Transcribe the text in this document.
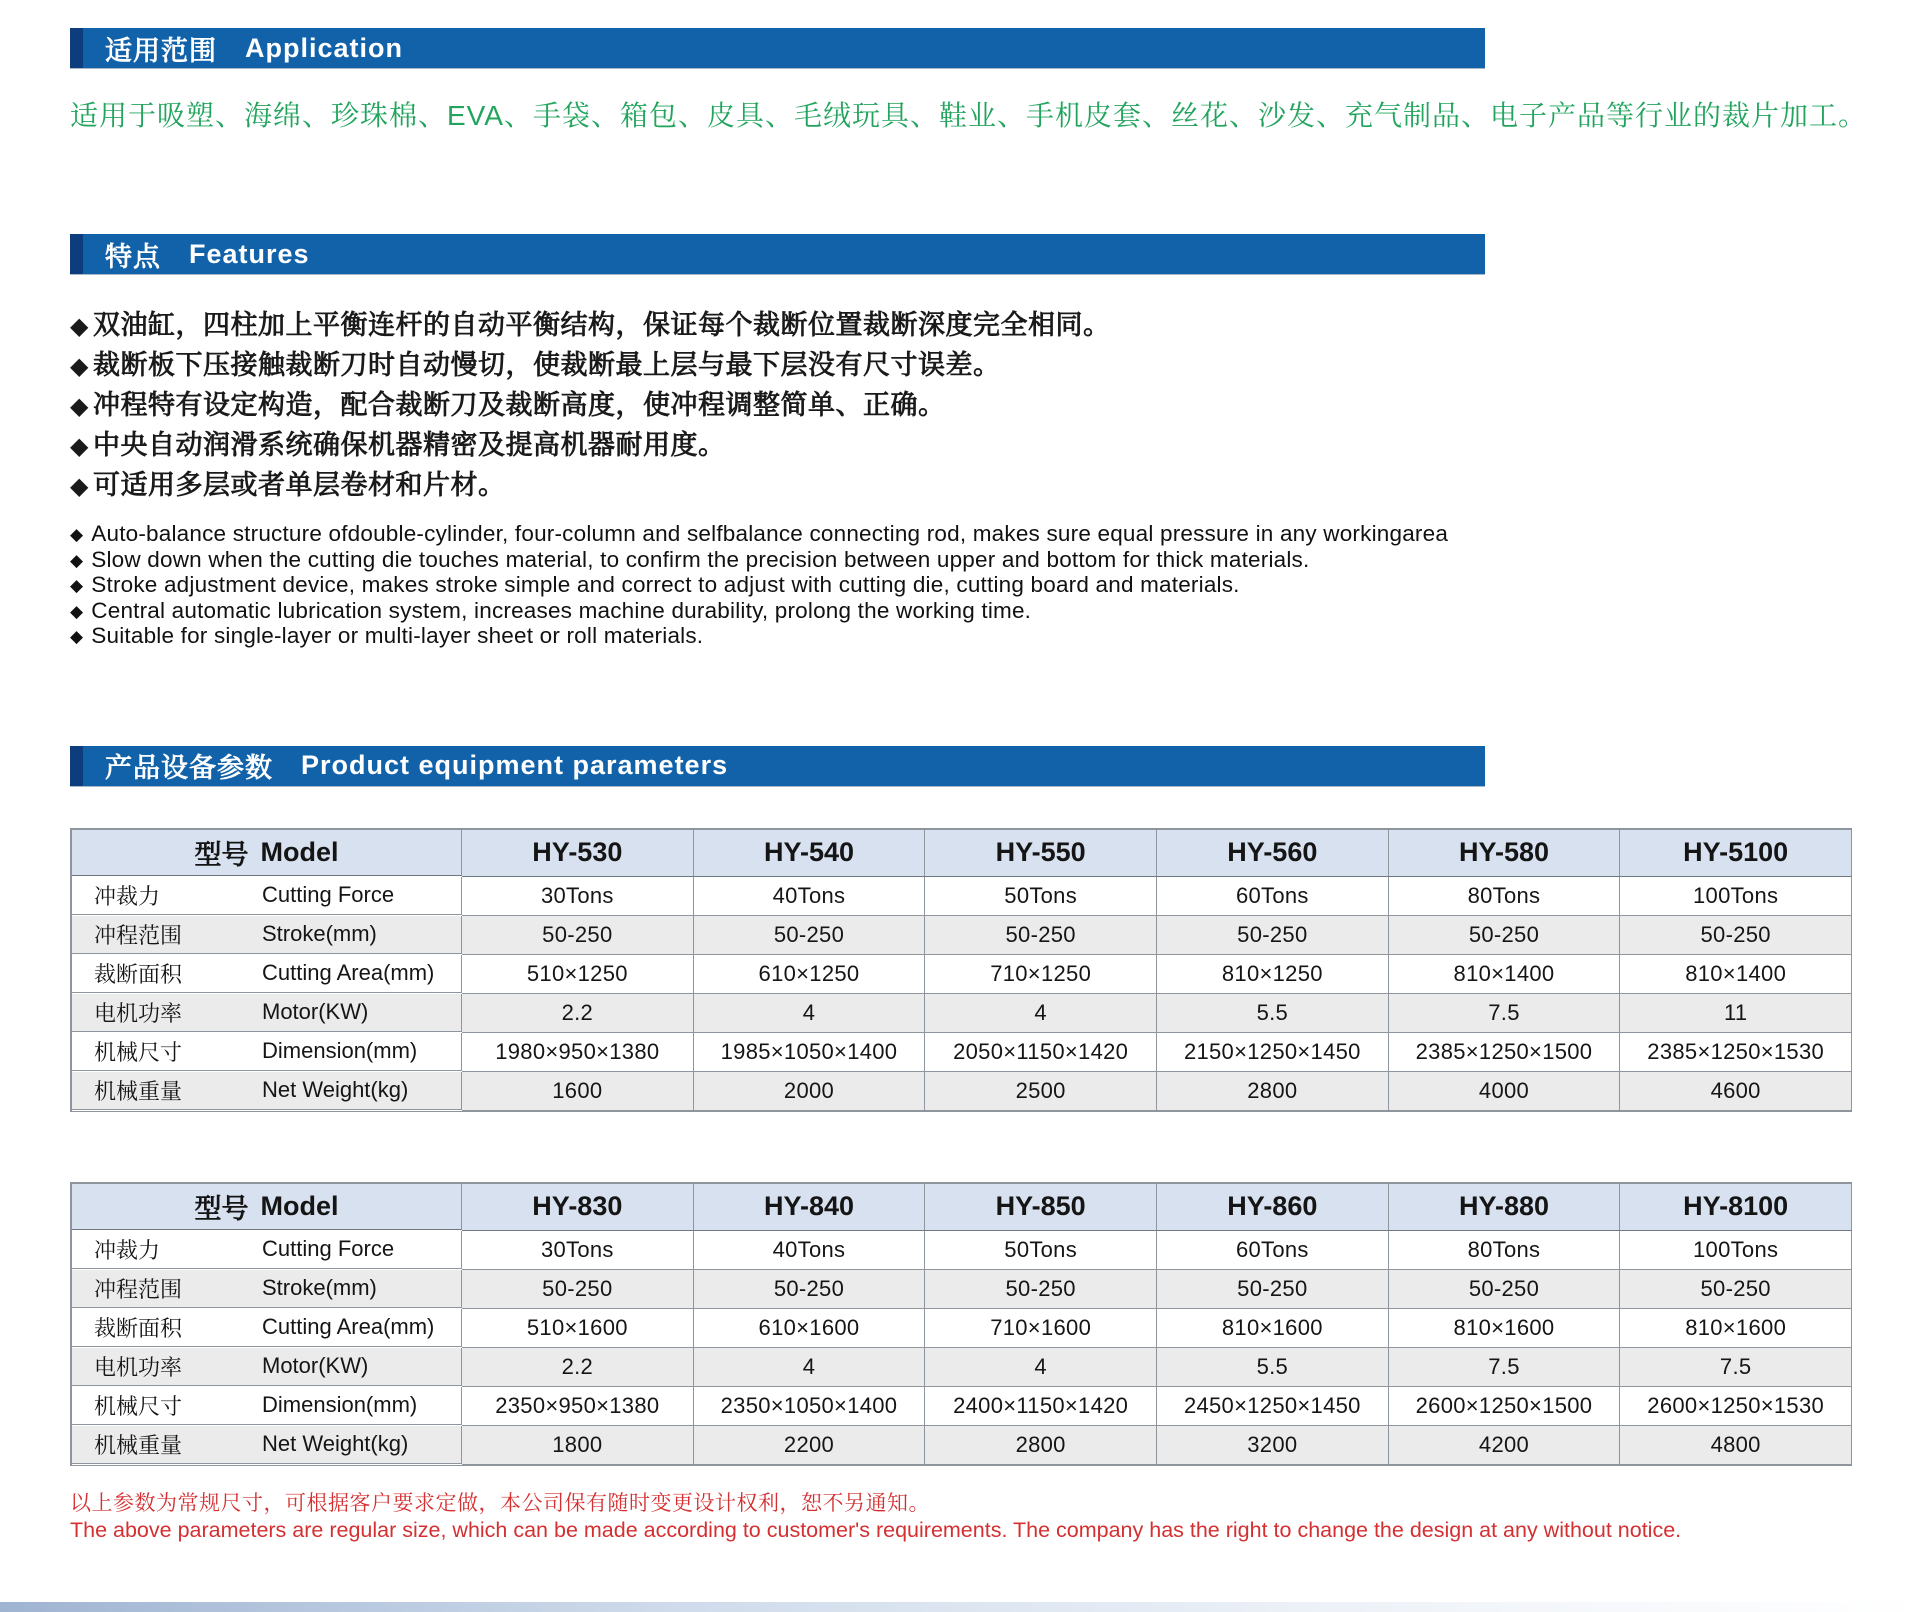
适用范围 Application

适用于吸塑、海绵、珍珠棉、EVA、手袋、箱包、皮具、毛绒玩具、鞋业、手机皮套、丝花、沙发、充气制品、电子产品等行业的裁片加工。

特点 Features
◆ 双油缸，四柱加上平衡连杆的自动平衡结构，保证每个裁断位置裁断深度完全相同。
◆ 裁断板下压接触裁断刀时自动慢切，使裁断最上层与最下层没有尺寸误差。
◆ 冲程特有设定构造，配合裁断刀及裁断高度，使冲程调整简单、正确。
◆ 中央自动润滑系统确保机器精密及提高机器耐用度。
◆ 可适用多层或者单层卷材和片材。
◆ Auto-balance structure ofdouble-cylinder, four-column and selfbalance connecting rod, makes sure equal pressure in any workingarea
◆ Slow down when the cutting die touches material, to confirm the precision between upper and bottom for thick materials.
◆ Stroke adjustment device, makes stroke simple and correct to adjust with cutting die, cutting board and materials.
◆ Central automatic lubrication system, increases machine durability, prolong the working time.
◆ Suitable for single-layer or multi-layer sheet or roll materials.
产品设备参数 Product equipment parameters
型号 Model	HY-530	HY-540	HY-550	HY-560	HY-580	HY-5100
冲裁力	Cutting Force	30Tons	40Tons	50Tons	60Tons	80Tons	100Tons
冲程范围	Stroke(mm)	50-250	50-250	50-250	50-250	50-250	50-250
裁断面积	Cutting Area(mm)	510×1250	610×1250	710×1250	810×1250	810×1400	810×1400
电机功率	Motor(KW)	2.2	4	4	5.5	7.5	11
机械尺寸	Dimension(mm)	1980×950×1380	1985×1050×1400	2050×1150×1420	2150×1250×1450	2385×1250×1500	2385×1250×1530
机械重量	Net Weight(kg)	1600	2000	2500	2800	4000	4600
型号 Model	HY-830	HY-840	HY-850	HY-860	HY-880	HY-8100
冲裁力	Cutting Force	30Tons	40Tons	50Tons	60Tons	80Tons	100Tons
冲程范围	Stroke(mm)	50-250	50-250	50-250	50-250	50-250	50-250
裁断面积	Cutting Area(mm)	510×1600	610×1600	710×1600	810×1600	810×1600	810×1600
电机功率	Motor(KW)	2.2	4	4	5.5	7.5	7.5
机械尺寸	Dimension(mm)	2350×950×1380	2350×1050×1400	2400×1150×1420	2450×1250×1450	2600×1250×1500	2600×1250×1530
机械重量	Net Weight(kg)	1800	2200	2800	3200	4200	4800

以上参数为常规尺寸，可根据客户要求定做，本公司保有随时变更设计权利，恕不另通知。

The above parameters are regular size, which can be made according to customer's requirements. The company has the right to change the design at any without notice.
